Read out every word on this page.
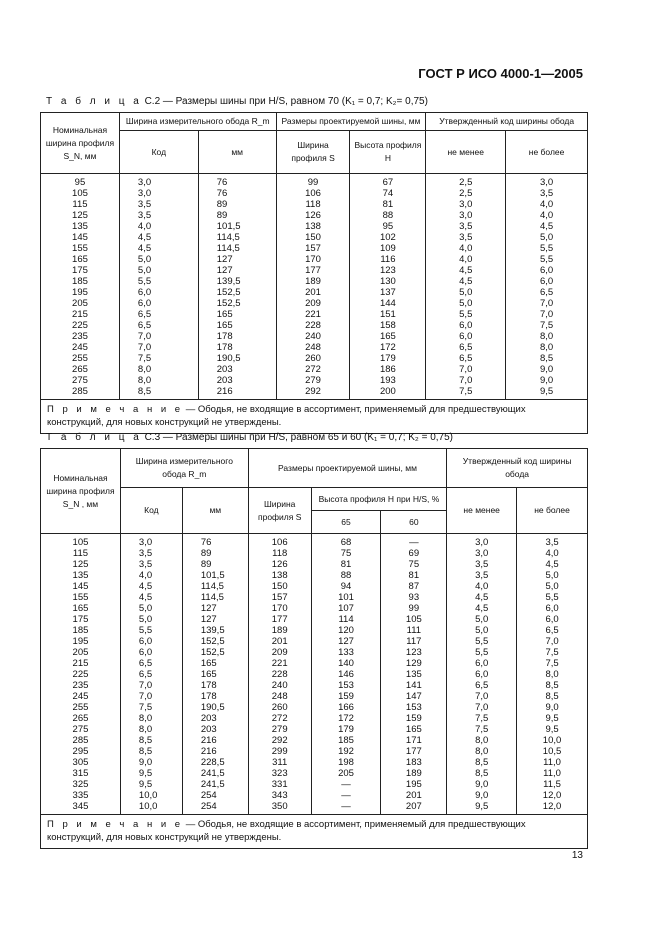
ГОСТ Р ИСО 4000-1—2005
Т а б л и ц а С.2 — Размеры шины при H/S, равном 70 (K₁ = 0,7; K₂= 0,75)
Номинальная ширина профиля S_N, мм	Ширина измерительного обода R_m		Размеры проектируемой шины, мм		Утвержденный код ширины обода	
	Код	мм	Ширина профиля S	Высота профиля H	не менее	не более
95	3,0	76	99	67	2,5	3,0
105	3,0	76	106	74	2,5	3,5
115	3,5	89	118	81	3,0	4,0
125	3,5	89	126	88	3,0	4,0
135	4,0	101,5	138	95	3,5	4,5
145	4,5	114,5	150	102	3,5	5,0
155	4,5	114,5	157	109	4,0	5,5
165	5,0	127	170	116	4,0	5,5
175	5,0	127	177	123	4,5	6,0
185	5,5	139,5	189	130	4,5	6,0
195	6,0	152,5	201	137	5,0	6,5
205	6,0	152,5	209	144	5,0	7,0
215	6,5	165	221	151	5,5	7,0
225	6,5	165	228	158	6,0	7,5
235	7,0	178	240	165	6,0	8,0
245	7,0	178	248	172	6,5	8,0
255	7,5	190,5	260	179	6,5	8,5
265	8,0	203	272	186	7,0	9,0
275	8,0	203	279	193	7,0	9,0
285	8,5	216	292	200	7,5	9,5
П р и м е ч а н и е — Ободья, не входящие в ассортимент, применяемый для предшествующих конструкций, для новых конструкций не утверждены.						
Т а б л и ц а С.3 — Размеры шины при H/S, равном 65 и 60 (K₁ = 0,7; K₂ = 0,75)
Номинальная ширина профиля S_N , мм	Ширина измерительного обода R_m		Размеры проектируемой шины, мм			Утвержденный код ширины обода	
	Код	мм	Ширина профиля S	Высота профиля H при H/S, %		не менее	не более
				65	60		
105	3,0	76	106	68	—	3,0	3,5
115	3,5	89	118	75	69	3,0	4,0
125	3,5	89	126	81	75	3,5	4,5
135	4,0	101,5	138	88	81	3,5	5,0
145	4,5	114,5	150	94	87	4,0	5,0
155	4,5	114,5	157	101	93	4,5	5,5
165	5,0	127	170	107	99	4,5	6,0
175	5,0	127	177	114	105	5,0	6,0
185	5,5	139,5	189	120	111	5,0	6,5
195	6,0	152,5	201	127	117	5,5	7,0
205	6,0	152,5	209	133	123	5,5	7,5
215	6,5	165	221	140	129	6,0	7,5
225	6,5	165	228	146	135	6,0	8,0
235	7,0	178	240	153	141	6,5	8,5
245	7,0	178	248	159	147	7,0	8,5
255	7,5	190,5	260	166	153	7,0	9,0
265	8,0	203	272	172	159	7,5	9,5
275	8,0	203	279	179	165	7,5	9,5
285	8,5	216	292	185	171	8,0	10,0
295	8,5	216	299	192	177	8,0	10,5
305	9,0	228,5	311	198	183	8,5	11,0
315	9,5	241,5	323	205	189	8,5	11,0
325	9,5	241,5	331	—	195	9,0	11,5
335	10,0	254	343	—	201	9,0	12,0
345	10,0	254	350	—	207	9,5	12,0
П р и м е ч а н и е — Ободья, не входящие в ассортимент, применяемый для предшествующих конструкций, для новых конструкций не утверждены.							
13
